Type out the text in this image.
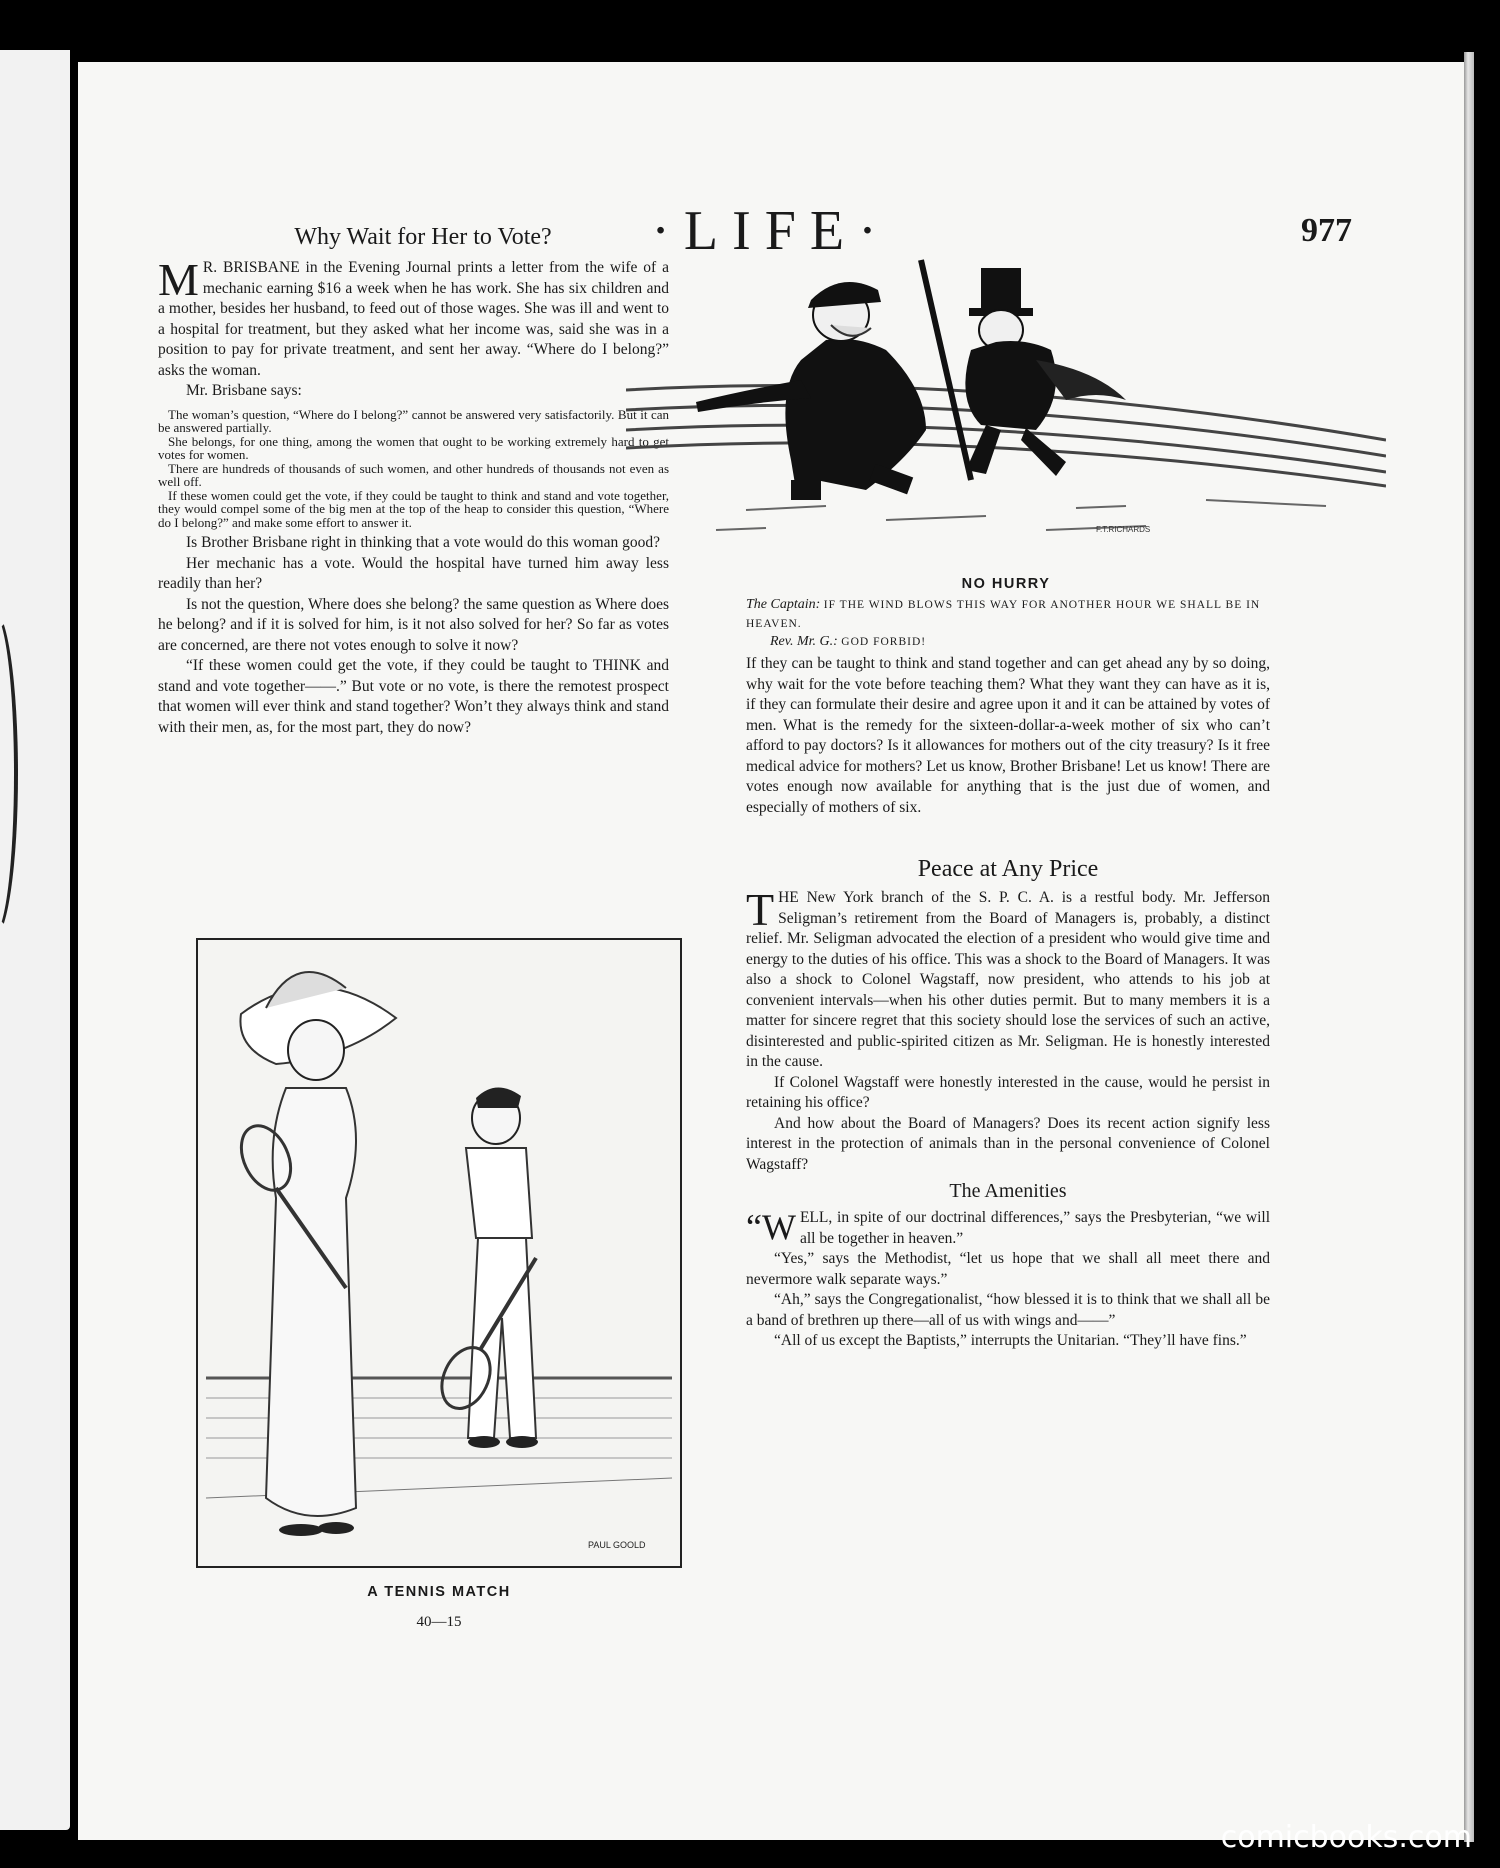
·LIFE·	977
Why Wait for Her to Vote?

M R. BRISBANE in the Evening Journal prints a letter from the wife of a mechanic earning $16 a week when he has work. She has six children and a mother, besides her husband, to feed out of those wages. She was ill and went to a hospital for treatment, but they asked what her income was, said she was in a position to pay for private treatment, and sent her away. “Where do I belong?” asks the woman.

Mr. Brisbane says:

The woman’s question, “Where do I belong?” cannot be answered very satisfactorily. But it can be answered partially.

She belongs, for one thing, among the women that ought to be working extremely hard to get votes for women.

There are hundreds of thousands of such women, and other hundreds of thousands not even as well off.

If these women could get the vote, if they could be taught to think and stand and vote together, they would compel some of the big men at the top of the heap to consider this question, “Where do I belong?” and make some effort to answer it.

Is Brother Brisbane right in thinking that a vote would do this woman good?

Her mechanic has a vote. Would the hospital have turned him away less readily than her?

Is not the question, Where does she belong? the same question as Where does he belong? and if it is solved for him, is it not also solved for her? So far as votes are concerned, are there not votes enough to solve it now?

“If these women could get the vote, if they could be taught to THINK and stand and vote together——.” But vote or no vote, is there the remotest prospect that women will ever think and stand together? Won’t they always think and stand with their men, as, for the most part, they do now?

F.T.RICHARDS
NO HURRY

The Captain: IF THE WIND BLOWS THIS WAY FOR ANOTHER HOUR WE SHALL BE IN HEAVEN.

Rev. Mr. G.: GOD FORBID!

If they can be taught to think and stand together and can get ahead any by so doing, why wait for the vote before teaching them? What they want they can have as it is, if they can formulate their desire and agree upon it and it can be attained by votes of men. What is the remedy for the sixteen-dollar-a-week mother of six who can’t afford to pay doctors? Is it allowances for mothers out of the city treasury? Is it free medical advice for mothers? Let us know, Brother Brisbane! Let us know! There are votes enough now available for anything that is the just due of women, and especially of mothers of six.

Peace at Any Price

THE New York branch of the S. P. C. A. is a restful body. Mr. Jefferson Seligman’s retirement from the Board of Managers is, probably, a distinct relief. Mr. Seligman advocated the election of a president who would give time and energy to the duties of his office. This was a shock to the Board of Managers. It was also a shock to Colonel Wagstaff, now president, who attends to his job at convenient intervals—when his other duties permit. But to many members it is a matter for sincere regret that this society should lose the services of such an active, disinterested and public-spirited citizen as Mr. Seligman. He is honestly interested in the cause.

If Colonel Wagstaff were honestly interested in the cause, would he persist in retaining his office?

And how about the Board of Managers? Does its recent action signify less interest in the protection of animals than in the personal convenience of Colonel Wagstaff?

The Amenities

“WELL, in spite of our doctrinal differences,” says the Presbyterian, “we will all be together in heaven.”

“Yes,” says the Methodist, “let us hope that we shall all meet there and nevermore walk separate ways.”

“Ah,” says the Congregationalist, “how blessed it is to think that we shall all be a band of brethren up there—all of us with wings and——”

“All of us except the Baptists,” interrupts the Unitarian. “They’ll have fins.”

PAUL GOOLD
A TENNIS MATCH
40—15
comicbooks.com
